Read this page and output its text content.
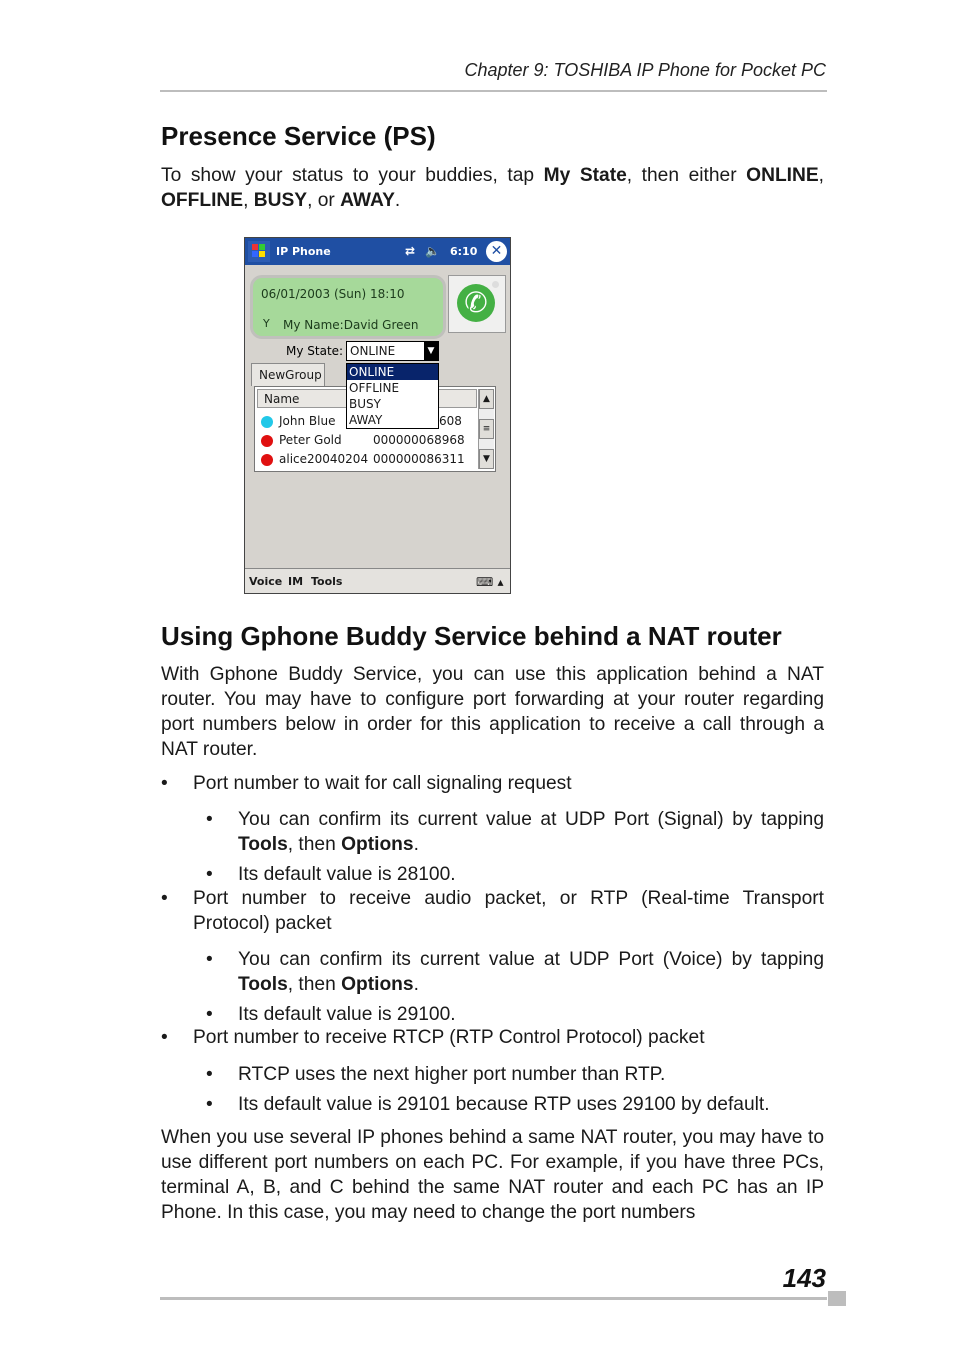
Chapter 9: TOSHIBA IP Phone for Pocket PC
Presence Service (PS)

To show your status to your buddies, tap My State, then either ONLINE, OFFLINE, BUSY, or AWAY.

IP Phone	⇄ 🔈 6:10 ✕
06/01/2003 (Sun) 18:10
Y My Name:David Green
✆
My State: ONLINE	▼
NewGroup
Name
John Blue	608
Peter Gold	000000068968
alice20040204 000000086311
▲
≡
▼
ONLINE
OFFLINE
BUSY
AWAY
Voice IM Tools	⌨ ▴
Using Gphone Buddy Service behind a NAT router

With Gphone Buddy Service, you can use this application behind a NAT router. You may have to configure port forwarding at your router regarding port numbers below in order for this application to receive a call through a NAT router.

• Port number to wait for call signaling request
• You can confirm its current value at UDP Port (Signal) by tapping Tools, then Options.
• Its default value is 28100.
• Port number to receive audio packet, or RTP (Real-time Transport Protocol) packet
• You can confirm its current value at UDP Port (Voice) by tapping Tools, then Options.
• Its default value is 29100.
• Port number to receive RTCP (RTP Control Protocol) packet
• RTCP uses the next higher port number than RTP.
• Its default value is 29101 because RTP uses 29100 by default.

When you use several IP phones behind a same NAT router, you may have to use different port numbers on each PC. For example, if you have three PCs, terminal A, B, and C behind the same NAT router and each PC has an IP Phone. In this case, you may need to change the port numbers

143
